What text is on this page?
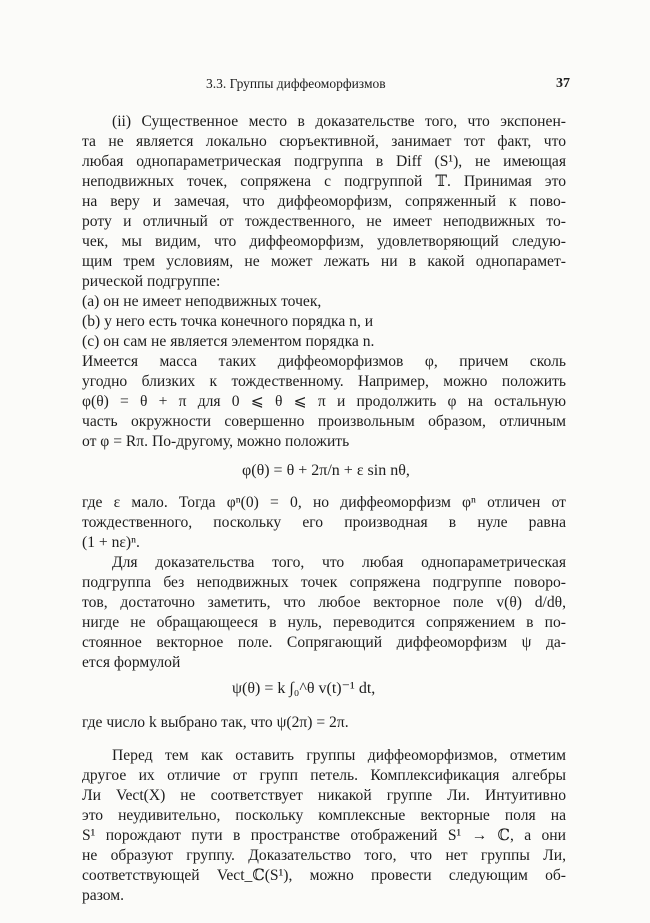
3.3. Группы диффеоморфизмов	37
(ii) Существенное место в доказательстве того, что экспонен-
та не является локально сюръективной, занимает тот факт, что
любая однопараметрическая подгруппа в Diff (S¹), не имеющая
неподвижных точек, сопряжена с подгруппой 𝕋. Принимая это
на веру и замечая, что диффеоморфизм, сопряженный к пово-
роту и отличный от тождественного, не имеет неподвижных то-
чек, мы видим, что диффеоморфизм, удовлетворяющий следую-
щим трем условиям, не может лежать ни в какой однопарамет-
рической подгруппе:
(a) он не имеет неподвижных точек,
(b) у него есть точка конечного порядка n, и
(c) он сам не является элементом порядка n.
Имеется масса таких диффеоморфизмов φ, причем сколь
угодно близких к тождественному. Например, можно положить
φ(θ) = θ + π для 0 ⩽ θ ⩽ π и продолжить φ на остальную
часть окружности совершенно произвольным образом, отличным
от φ = Rπ. По-другому, можно положить
φ(θ) = θ + 2π/n + ε sin nθ,
где ε мало. Тогда φⁿ(0) = 0, но диффеоморфизм φⁿ отличен от
тождественного, поскольку его производная в нуле равна
(1 + nε)ⁿ.
Для доказательства того, что любая однопараметрическая
подгруппа без неподвижных точек сопряжена подгруппе поворо-
тов, достаточно заметить, что любое векторное поле v(θ) d/dθ,
нигде не обращающееся в нуль, переводится сопряжением в по-
стоянное векторное поле. Сопрягающий диффеоморфизм ψ да-
ется формулой
ψ(θ) = k ∫₀^θ v(t)⁻¹ dt,
где число k выбрано так, что ψ(2π) = 2π.
Перед тем как оставить группы диффеоморфизмов, отметим
другое их отличие от групп петель. Комплексификация алгебры
Ли Vect(X) не соответствует никакой группе Ли. Интуитивно
это неудивительно, поскольку комплексные векторные поля на
S¹ порождают пути в пространстве отображений S¹ → ℂ, а они
не образуют группу. Доказательство того, что нет группы Ли,
соответствующей Vect_ℂ(S¹), можно провести следующим об-
разом.
